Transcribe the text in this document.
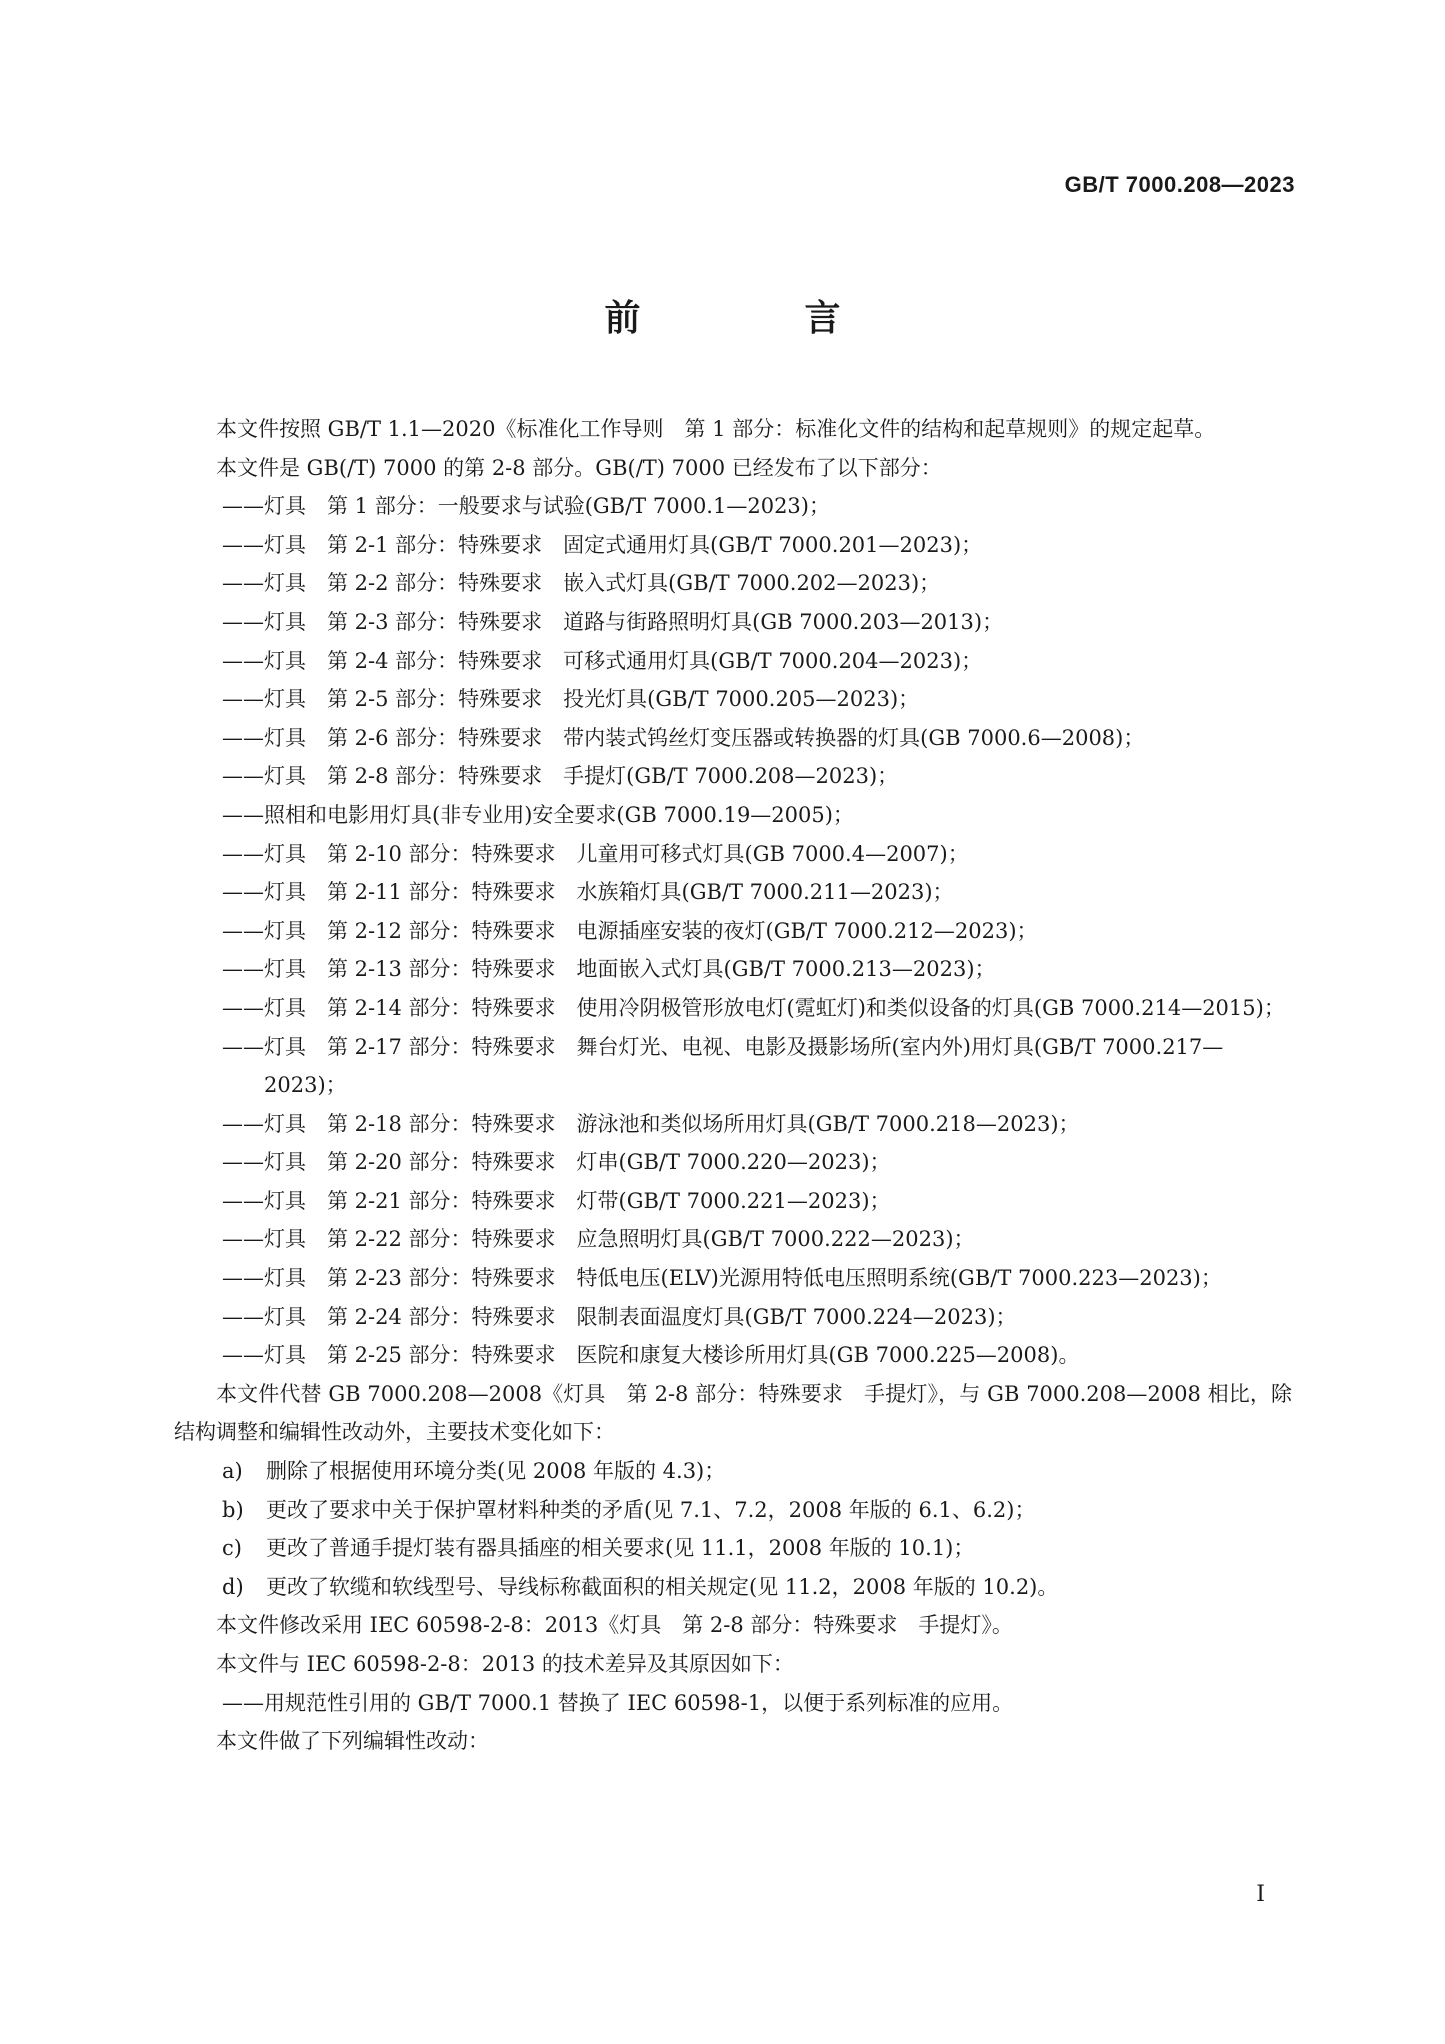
GB/T 7000.208—2023
前　言

本文件按照 GB/T 1.1—2020《标准化工作导则　第 1 部分：标准化文件的结构和起草规则》的规定起草。

本文件是 GB(/T) 7000 的第 2-8 部分。GB(/T) 7000 已经发布了以下部分：

——灯具　第 1 部分：一般要求与试验(GB/T 7000.1—2023)；

——灯具　第 2-1 部分：特殊要求　固定式通用灯具(GB/T 7000.201—2023)；

——灯具　第 2-2 部分：特殊要求　嵌入式灯具(GB/T 7000.202—2023)；

——灯具　第 2-3 部分：特殊要求　道路与街路照明灯具(GB 7000.203—2013)；

——灯具　第 2-4 部分：特殊要求　可移式通用灯具(GB/T 7000.204—2023)；

——灯具　第 2-5 部分：特殊要求　投光灯具(GB/T 7000.205—2023)；

——灯具　第 2-6 部分：特殊要求　带内装式钨丝灯变压器或转换器的灯具(GB 7000.6—2008)；

——灯具　第 2-8 部分：特殊要求　手提灯(GB/T 7000.208—2023)；

——照相和电影用灯具(非专业用)安全要求(GB 7000.19—2005)；

——灯具　第 2-10 部分：特殊要求　儿童用可移式灯具(GB 7000.4—2007)；

——灯具　第 2-11 部分：特殊要求　水族箱灯具(GB/T 7000.211—2023)；

——灯具　第 2-12 部分：特殊要求　电源插座安装的夜灯(GB/T 7000.212—2023)；

——灯具　第 2-13 部分：特殊要求　地面嵌入式灯具(GB/T 7000.213—2023)；

——灯具　第 2-14 部分：特殊要求　使用冷阴极管形放电灯(霓虹灯)和类似设备的灯具(GB 7000.214—2015)；

——灯具　第 2-17 部分：特殊要求　舞台灯光、电视、电影及摄影场所(室内外)用灯具(GB/T 7000.217—2023)；

——灯具　第 2-18 部分：特殊要求　游泳池和类似场所用灯具(GB/T 7000.218—2023)；

——灯具　第 2-20 部分：特殊要求　灯串(GB/T 7000.220—2023)；

——灯具　第 2-21 部分：特殊要求　灯带(GB/T 7000.221—2023)；

——灯具　第 2-22 部分：特殊要求　应急照明灯具(GB/T 7000.222—2023)；

——灯具　第 2-23 部分：特殊要求　特低电压(ELV)光源用特低电压照明系统(GB/T 7000.223—2023)；

——灯具　第 2-24 部分：特殊要求　限制表面温度灯具(GB/T 7000.224—2023)；

——灯具　第 2-25 部分：特殊要求　医院和康复大楼诊所用灯具(GB 7000.225—2008)。

本文件代替 GB 7000.208—2008《灯具　第 2-8 部分：特殊要求　手提灯》，与 GB 7000.208—2008 相比，除结构调整和编辑性改动外，主要技术变化如下：

a) 删除了根据使用环境分类(见 2008 年版的 4.3)；

b) 更改了要求中关于保护罩材料种类的矛盾(见 7.1、7.2，2008 年版的 6.1、6.2)；

c) 更改了普通手提灯装有器具插座的相关要求(见 11.1，2008 年版的 10.1)；

d) 更改了软缆和软线型号、导线标称截面积的相关规定(见 11.2，2008 年版的 10.2)。

本文件修改采用 IEC 60598-2-8：2013《灯具　第 2-8 部分：特殊要求　手提灯》。

本文件与 IEC 60598-2-8：2013 的技术差异及其原因如下：

——用规范性引用的 GB/T 7000.1 替换了 IEC 60598-1，以便于系列标准的应用。

本文件做了下列编辑性改动：

I
